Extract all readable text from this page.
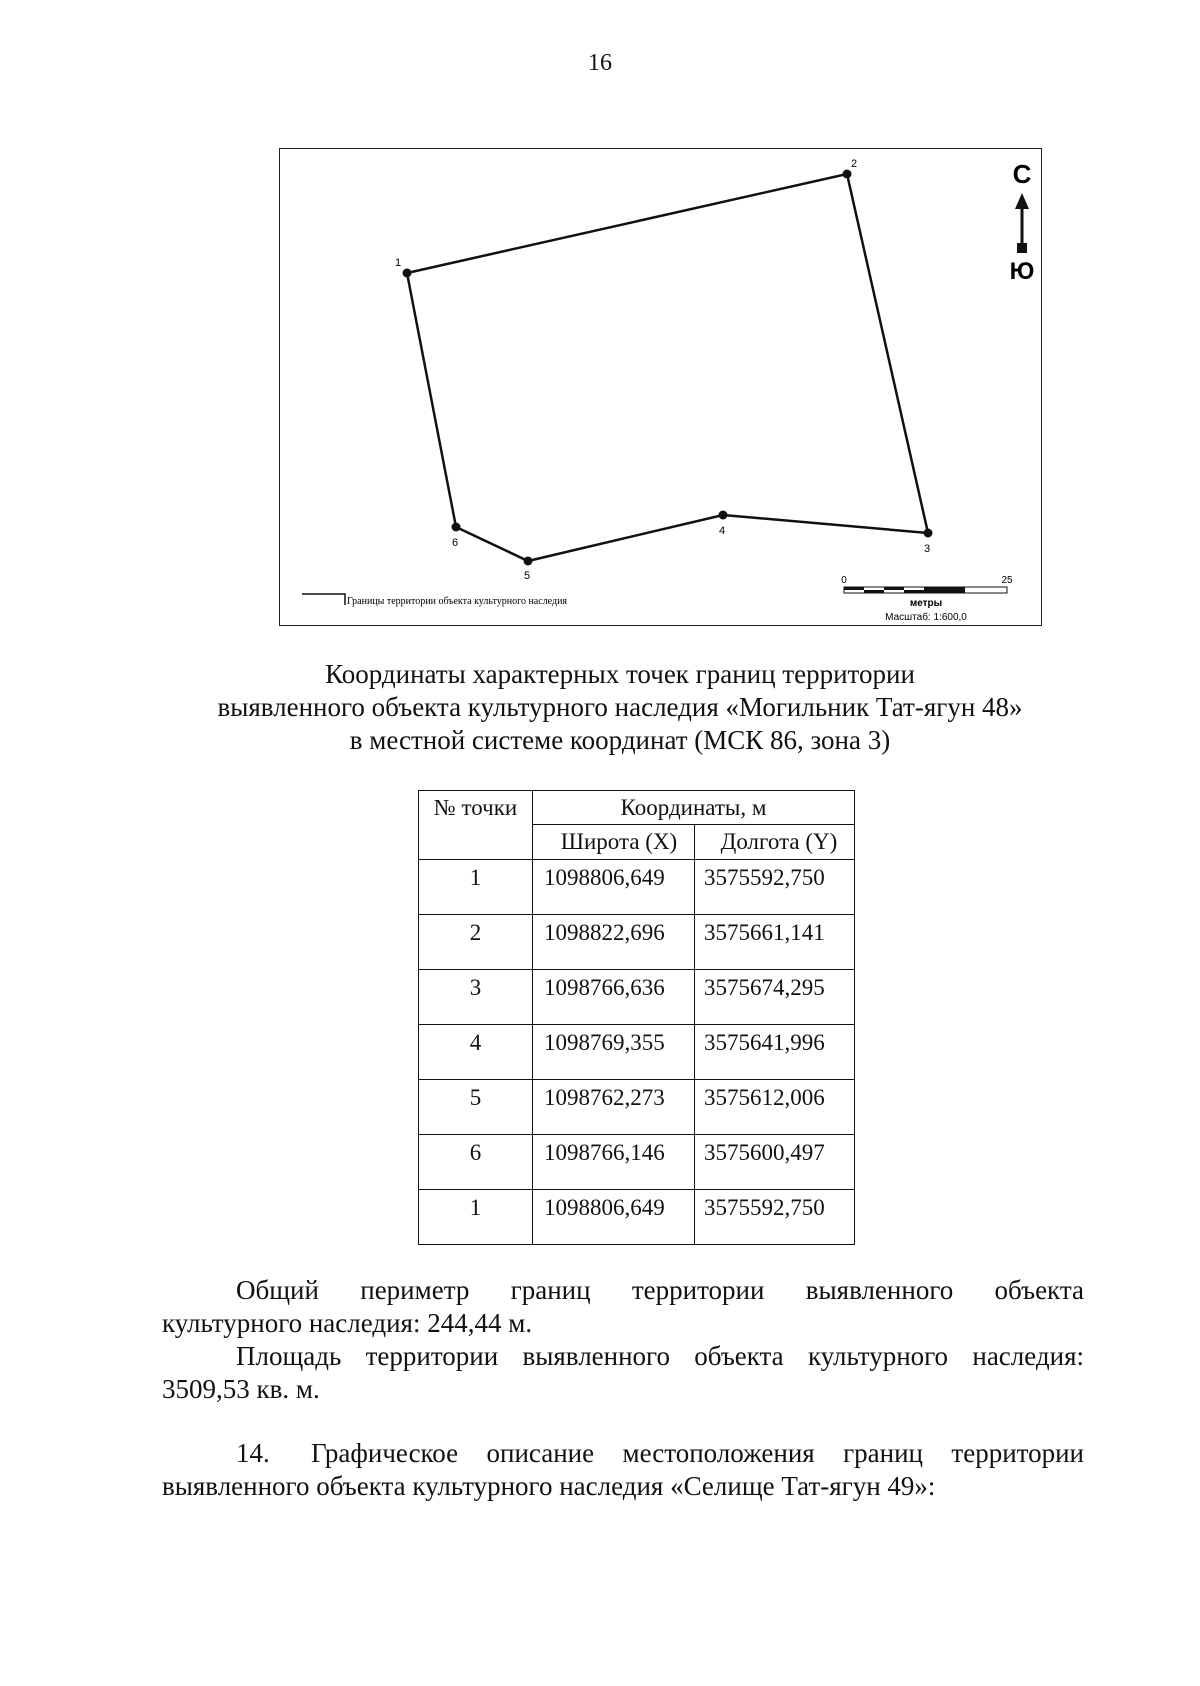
16
1
2
3
4
5
6
С
Ю
0	25
метры
Масштаб: 1:600,0
Границы территории объекта культурного наследия
Координаты характерных точек границ территории
выявленного объекта культурного наследия «Могильник Тат-ягун 48»
в местной системе координат (МСК 86, зона 3)
№ точки	Координаты, м	
	Широта (X)	Долгота (Y)
1	1098806,649	3575592,750
2	1098822,696	3575661,141
3	1098766,636	3575674,295
4	1098769,355	3575641,996
5	1098762,273	3575612,006
6	1098766,146	3575600,497
1	1098806,649	3575592,750
Общий периметр границ территории выявленного объекта
культурного наследия: 244,44 м.
Площадь территории выявленного объекта культурного наследия:
3509,53 кв. м.
14. Графическое описание местоположения границ территории
выявленного объекта культурного наследия «Селище Тат-ягун 49»:
